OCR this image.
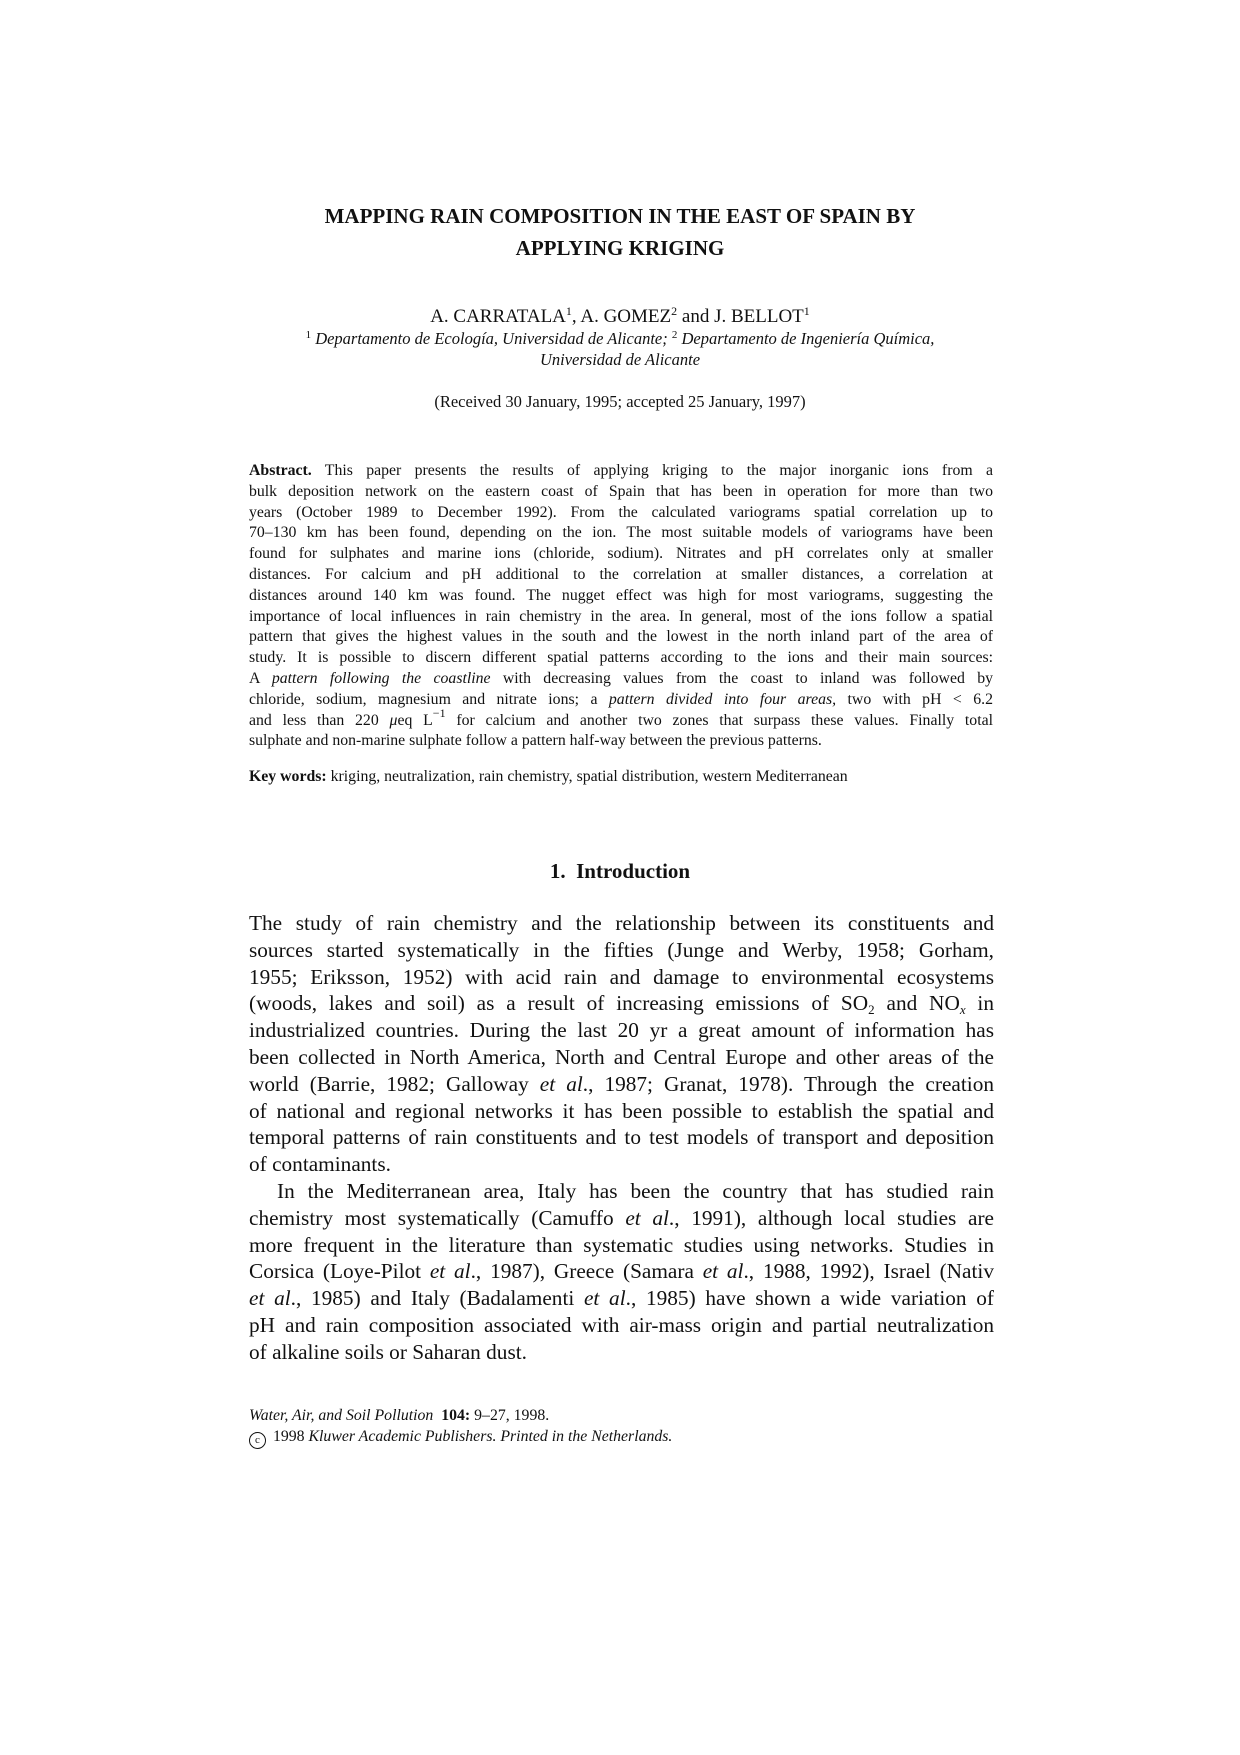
MAPPING RAIN COMPOSITION IN THE EAST OF SPAIN BY
APPLYING KRIGING
A. CARRATALA$^1$, A. GOMEZ$^2$ and J. BELLOT$^1$
$^1$ Departamento de Ecología, Universidad de Alicante; $^2$ Departamento de Ingeniería Química,
Universidad de Alicante
(Received 30 January, 1995; accepted 25 January, 1997)
Abstract. This paper presents the results of applying kriging to the major inorganic ions from a
bulk deposition network on the eastern coast of Spain that has been in operation for more than two
years (October 1989 to December 1992). From the calculated variograms spatial correlation up to
70–130 km has been found, depending on the ion. The most suitable models of variograms have been
found for sulphates and marine ions (chloride, sodium). Nitrates and pH correlates only at smaller
distances. For calcium and pH additional to the correlation at smaller distances, a correlation at
distances around 140 km was found. The nugget effect was high for most variograms, suggesting the
importance of local influences in rain chemistry in the area. In general, most of the ions follow a spatial
pattern that gives the highest values in the south and the lowest in the north inland part of the area of
study. It is possible to discern different spatial patterns according to the ions and their main sources:
A pattern following the coastline with decreasing values from the coast to inland was followed by
chloride, sodium, magnesium and nitrate ions; a pattern divided into four areas, two with pH < 6.2
and less than 220 μeq $L^{-1}$ for calcium and another two zones that surpass these values. Finally total
sulphate and non-marine sulphate follow a pattern half-way between the previous patterns.
Key words: kriging, neutralization, rain chemistry, spatial distribution, western Mediterranean
1. Introduction
The study of rain chemistry and the relationship between its constituents and
sources started systematically in the fifties (Junge and Werby, 1958; Gorham,
1955; Eriksson, 1952) with acid rain and damage to environmental ecosystems
(woods, lakes and soil) as a result of increasing emissions of $SO_2$ and $NO_x$ in
industrialized countries. During the last 20 yr a great amount of information has
been collected in North America, North and Central Europe and other areas of the
world (Barrie, 1982; Galloway et al., 1987; Granat, 1978). Through the creation
of national and regional networks it has been possible to establish the spatial and
temporal patterns of rain constituents and to test models of transport and deposition
of contaminants.
In the Mediterranean area, Italy has been the country that has studied rain
chemistry most systematically (Camuffo et al., 1991), although local studies are
more frequent in the literature than systematic studies using networks. Studies in
Corsica (Loye-Pilot et al., 1987), Greece (Samara et al., 1988, 1992), Israel (Nativ
et al., 1985) and Italy (Badalamenti et al., 1985) have shown a wide variation of
pH and rain composition associated with air-mass origin and partial neutralization
of alkaline soils or Saharan dust.
Water, Air, and Soil Pollution 104: 9–27, 1998.
c 1998 Kluwer Academic Publishers. Printed in the Netherlands.
